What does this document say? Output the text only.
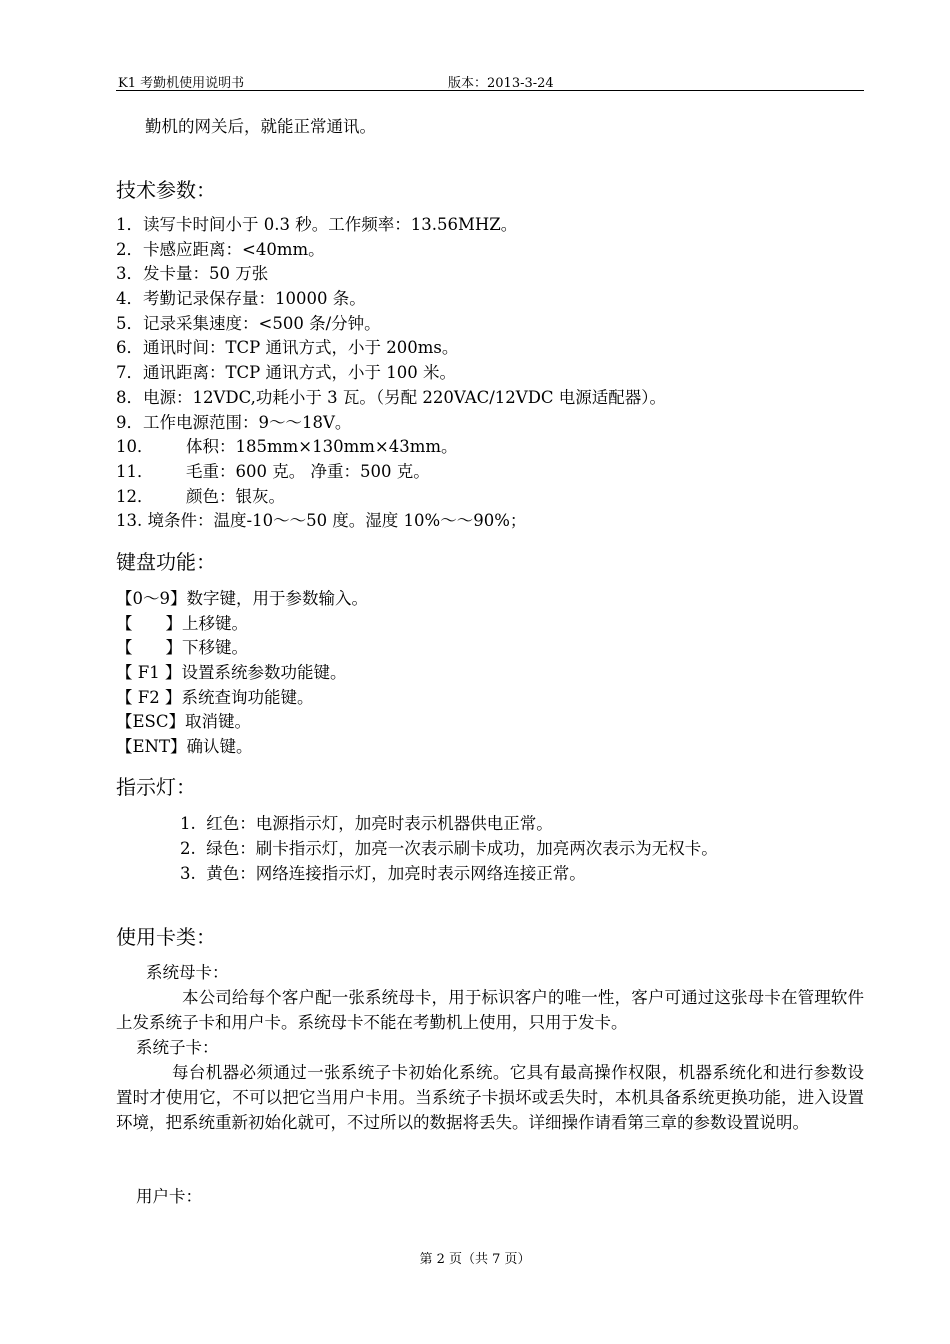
K1 考勤机使用说明书	版本：2013-3-24
勤机的网关后，就能正常通讯。
技术参数：
1．读写卡时间小于 0.3 秒。工作频率：13.56MHZ。
2．卡感应距离：<40mm。
3．发卡量：50 万张
4．考勤记录保存量：10000 条。
5．记录采集速度：<500 条/分钟。
6．通讯时间：TCP 通讯方式，小于 200ms。
7．通讯距离：TCP 通讯方式，小于 100 米。
8．电源：12VDC,功耗小于 3 瓦。（另配 220VAC/12VDC 电源适配器）。
9．工作电源范围：9～～18V。
10． 体积：185mm×130mm×43mm。
11． 毛重：600 克。 净重：500 克。
12． 颜色：银灰。
13. 境条件：温度-10～～50 度。湿度 10%～～90%；
键盘功能：
【0～9】数字键，用于参数输入。
【　　】上移键。
【　　】下移键。
【 F1 】设置系统参数功能键。
【 F2 】系统查询功能键。
【ESC】取消键。
【ENT】确认键。
指示灯：
1. 红色：电源指示灯，加亮时表示机器供电正常。
2. 绿色：刷卡指示灯，加亮一次表示刷卡成功，加亮两次表示为无权卡。
3. 黄色：网络连接指示灯，加亮时表示网络连接正常。
使用卡类：
系统母卡：
本公司给每个客户配一张系统母卡，用于标识客户的唯一性，客户可通过这张母卡在管理软件上发系统子卡和用户卡。系统母卡不能在考勤机上使用，只用于发卡。
系统子卡：
每台机器必须通过一张系统子卡初始化系统。它具有最高操作权限，机器系统化和进行参数设置时才使用它，不可以把它当用户卡用。当系统子卡损坏或丢失时，本机具备系统更换功能，进入设置环境，把系统重新初始化就可，不过所以的数据将丢失。详细操作请看第三章的参数设置说明。
用户卡：
第 2 页（共 7 页）
